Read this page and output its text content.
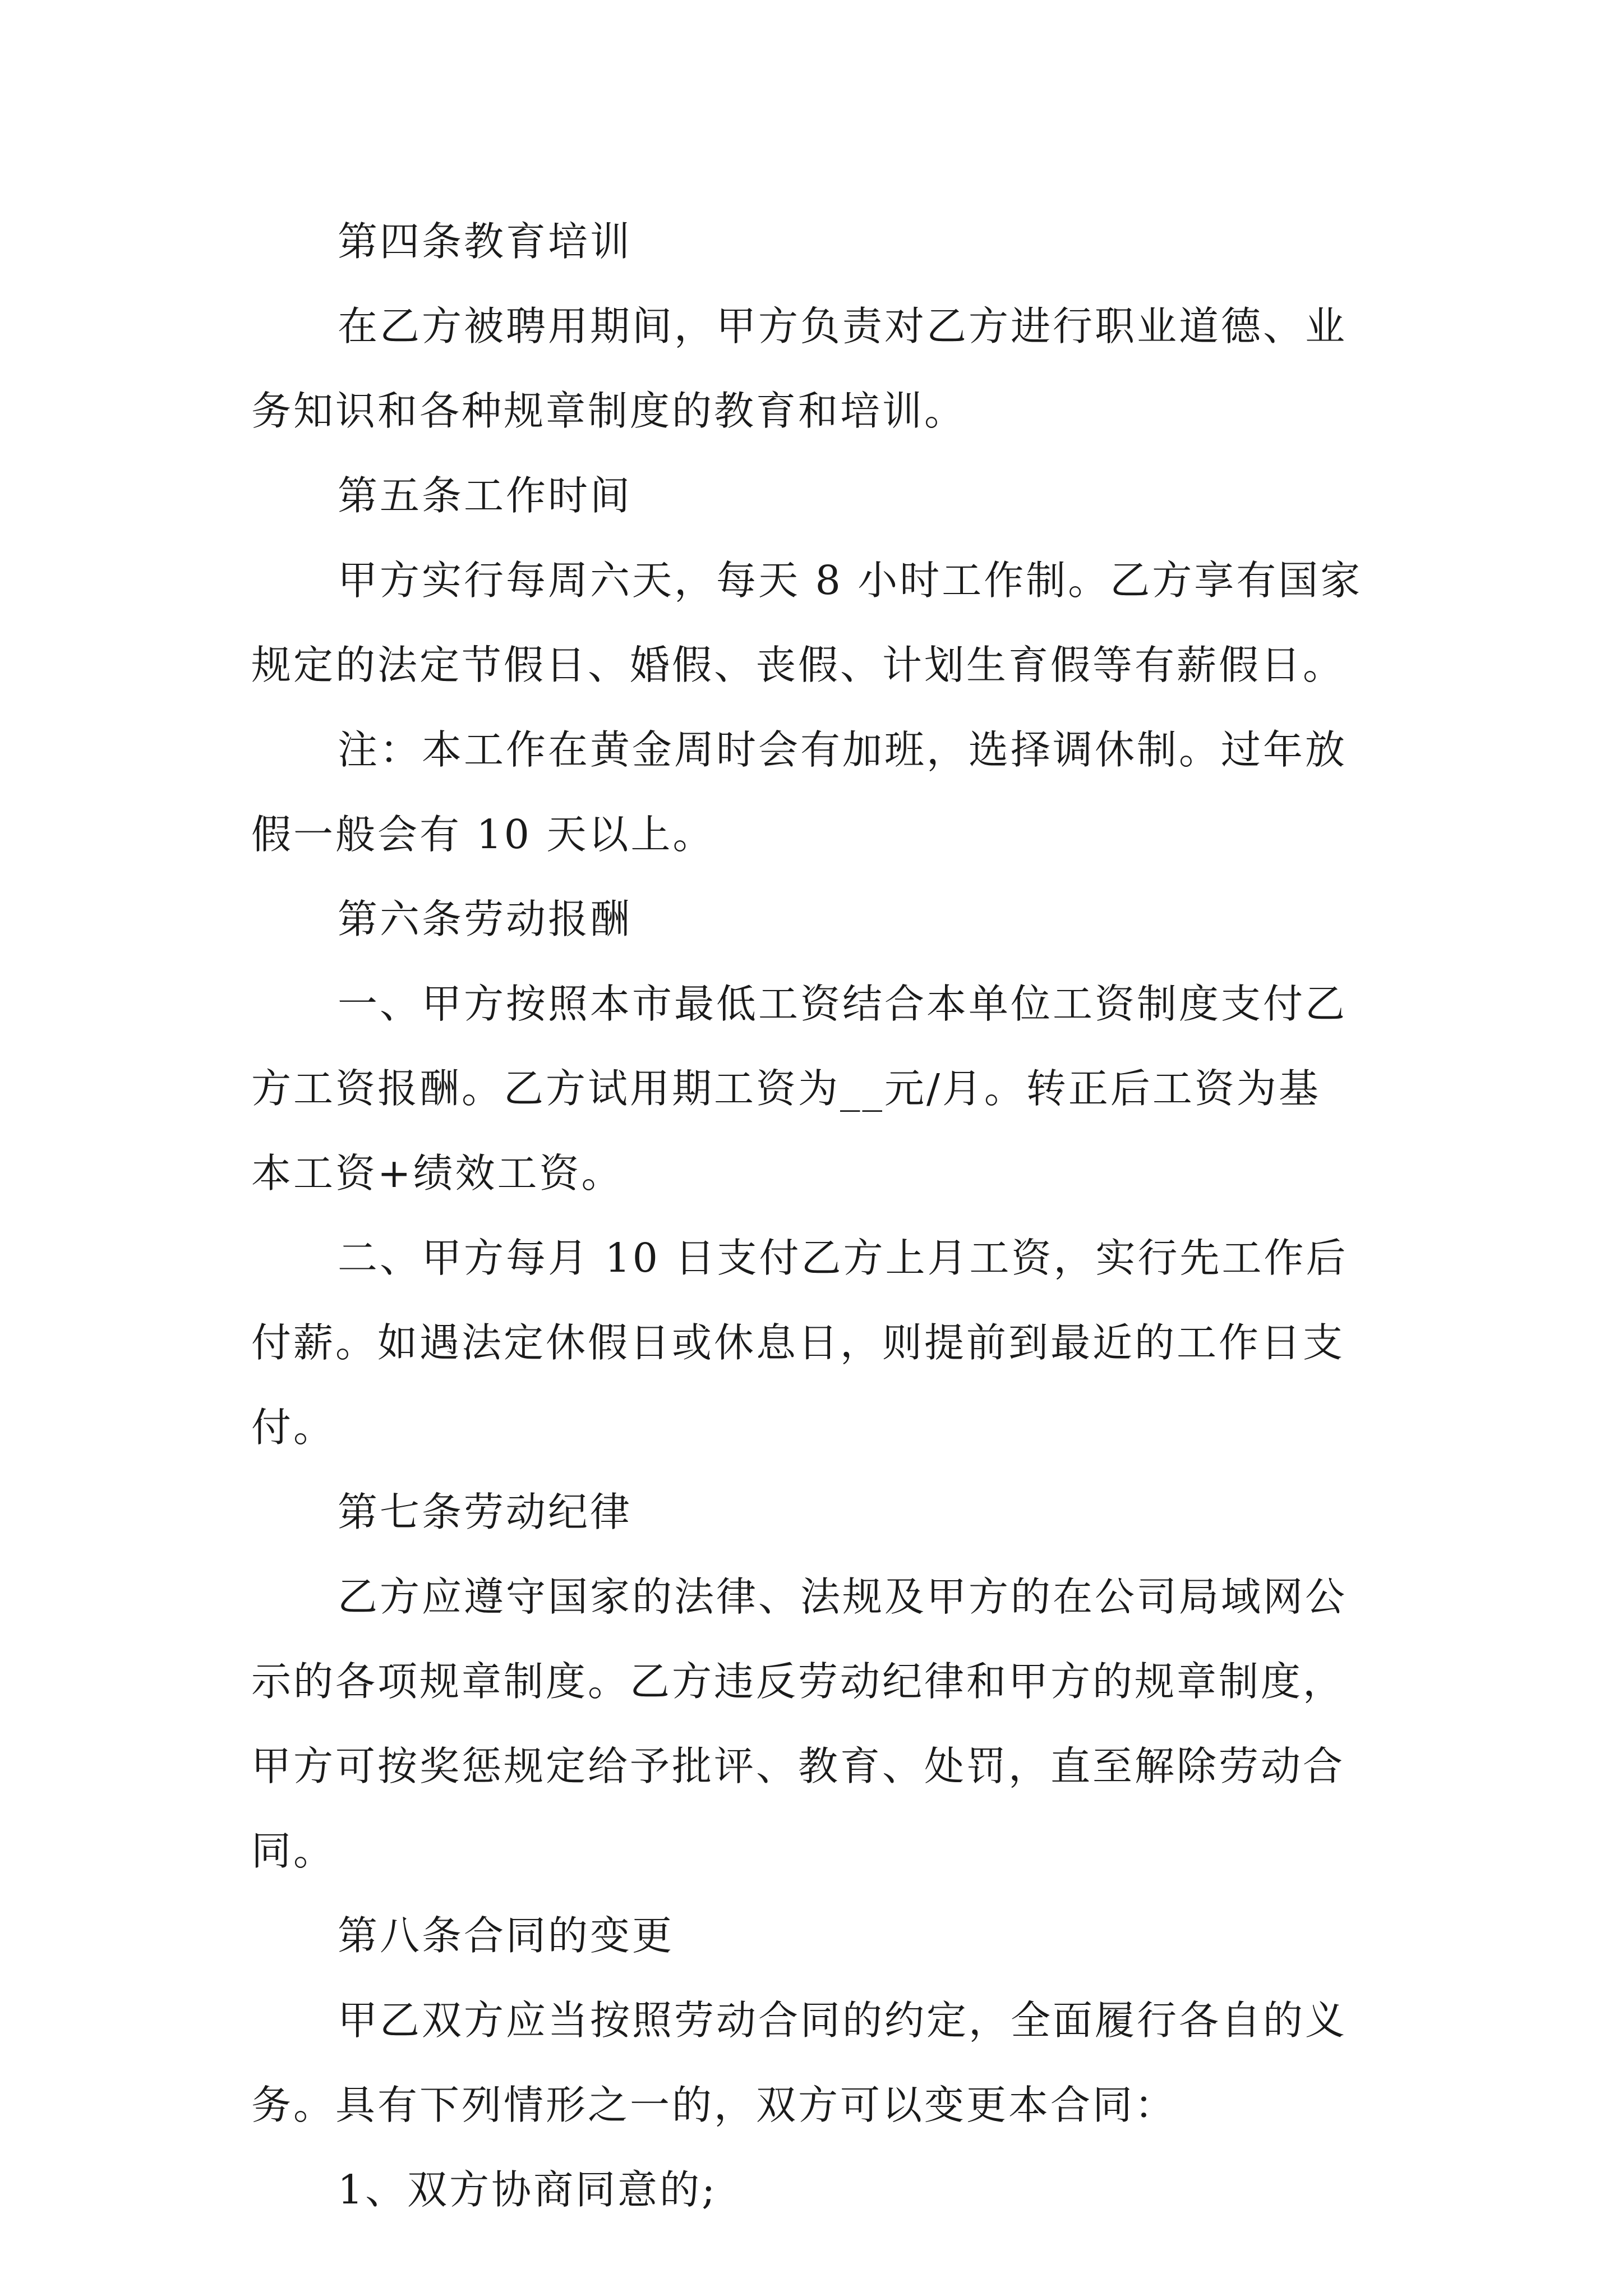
第四条教育培训
在乙方被聘用期间，甲方负责对乙方进行职业道德、业
务知识和各种规章制度的教育和培训。
第五条工作时间
甲方实行每周六天，每天 8 小时工作制。乙方享有国家
规定的法定节假日、婚假、丧假、计划生育假等有薪假日。
注：本工作在黄金周时会有加班，选择调休制。过年放
假一般会有 10 天以上。
第六条劳动报酬
一、甲方按照本市最低工资结合本单位工资制度支付乙
方工资报酬。乙方试用期工资为__元/月。转正后工资为基
本工资+绩效工资。
二、甲方每月 10 日支付乙方上月工资，实行先工作后
付薪。如遇法定休假日或休息日，则提前到最近的工作日支
付。
第七条劳动纪律
乙方应遵守国家的法律、法规及甲方的在公司局域网公
示的各项规章制度。乙方违反劳动纪律和甲方的规章制度，
甲方可按奖惩规定给予批评、教育、处罚，直至解除劳动合
同。
第八条合同的变更
甲乙双方应当按照劳动合同的约定，全面履行各自的义
务。具有下列情形之一的，双方可以变更本合同：
1、双方协商同意的;
